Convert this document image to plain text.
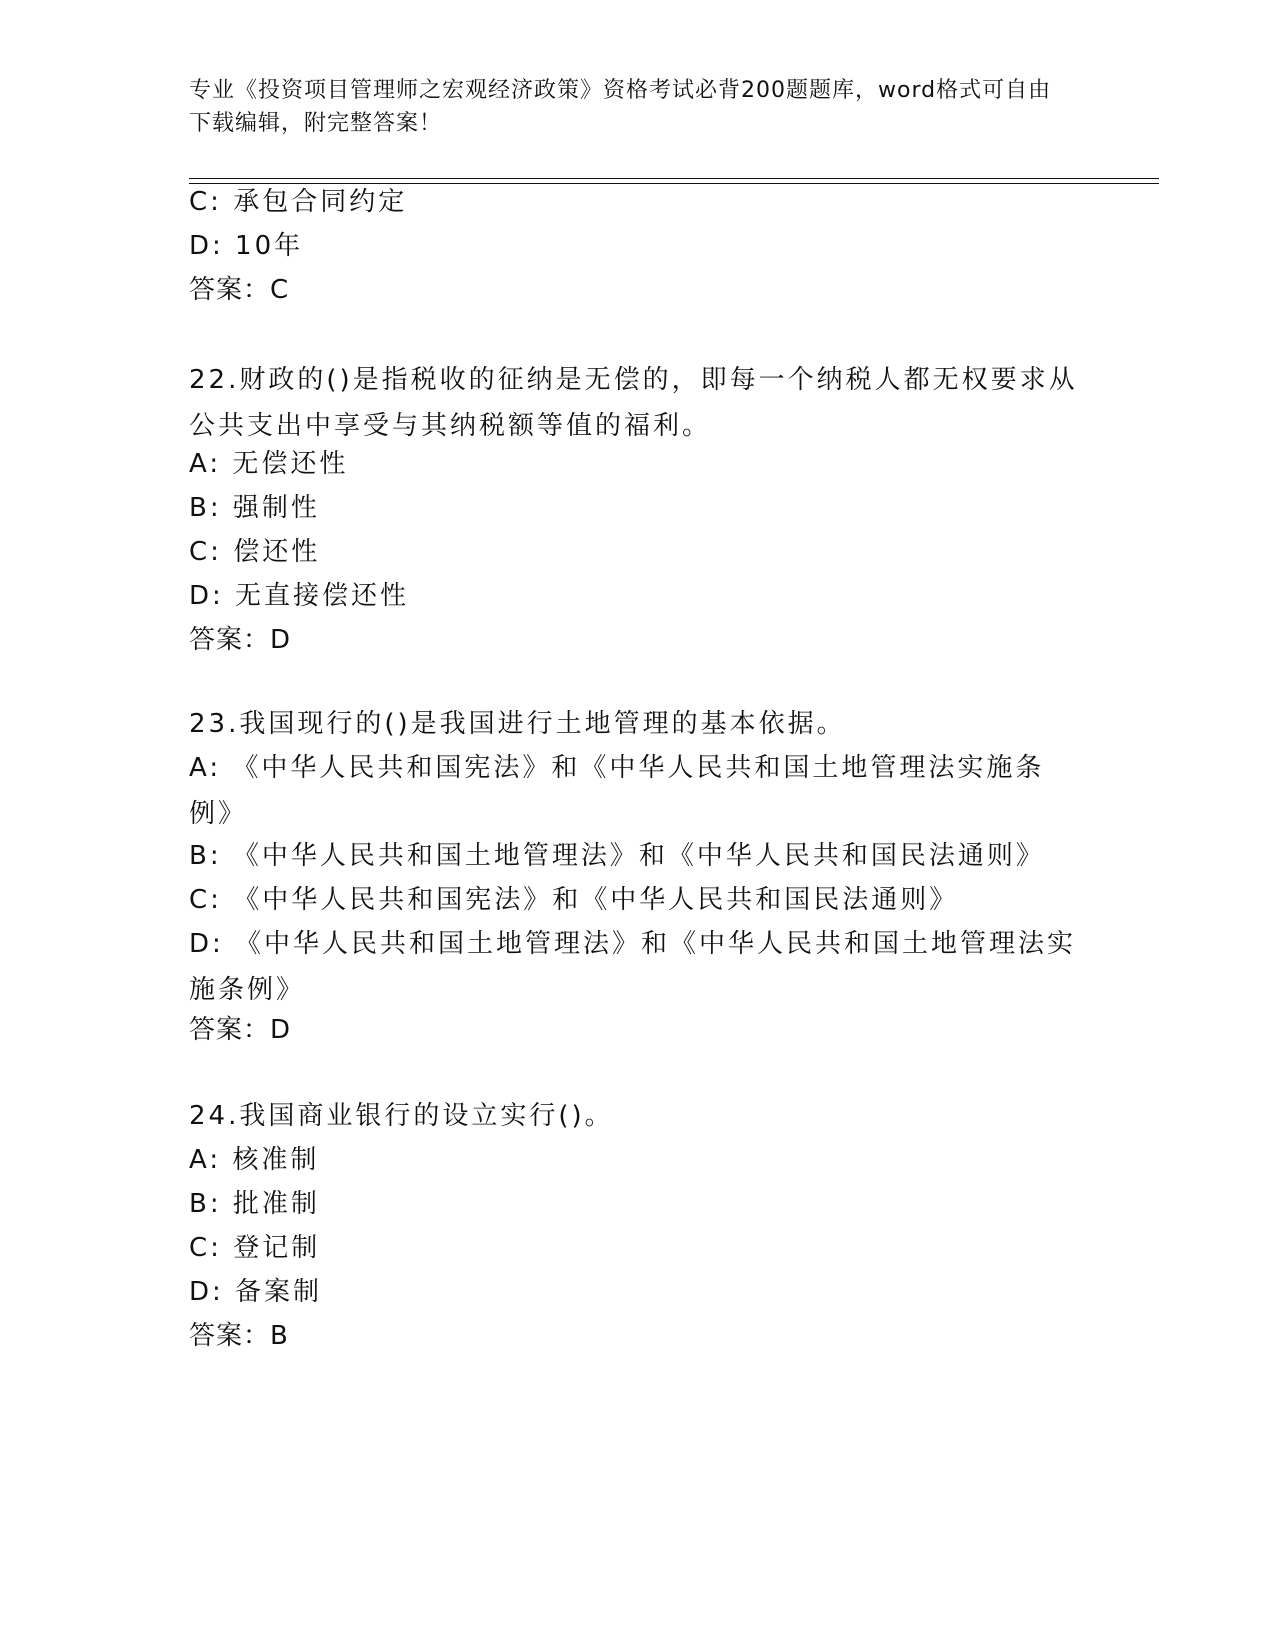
专业《投资项目管理师之宏观经济政策》资格考试必背200题题库，word格式可自由下载编辑，附完整答案！
C: 承包合同约定
D: 10年
答案：C
22.财政的()是指税收的征纳是无偿的，即每一个纳税人都无权要求从公共支出中享受与其纳税额等值的福利。
A: 无偿还性
B: 强制性
C: 偿还性
D: 无直接偿还性
答案：D
23.我国现行的()是我国进行土地管理的基本依据。
A: 《中华人民共和国宪法》和《中华人民共和国土地管理法实施条例》
B: 《中华人民共和国土地管理法》和《中华人民共和国民法通则》
C: 《中华人民共和国宪法》和《中华人民共和国民法通则》
D: 《中华人民共和国土地管理法》和《中华人民共和国土地管理法实施条例》
答案：D
24.我国商业银行的设立实行()。
A: 核准制
B: 批准制
C: 登记制
D: 备案制
答案：B
